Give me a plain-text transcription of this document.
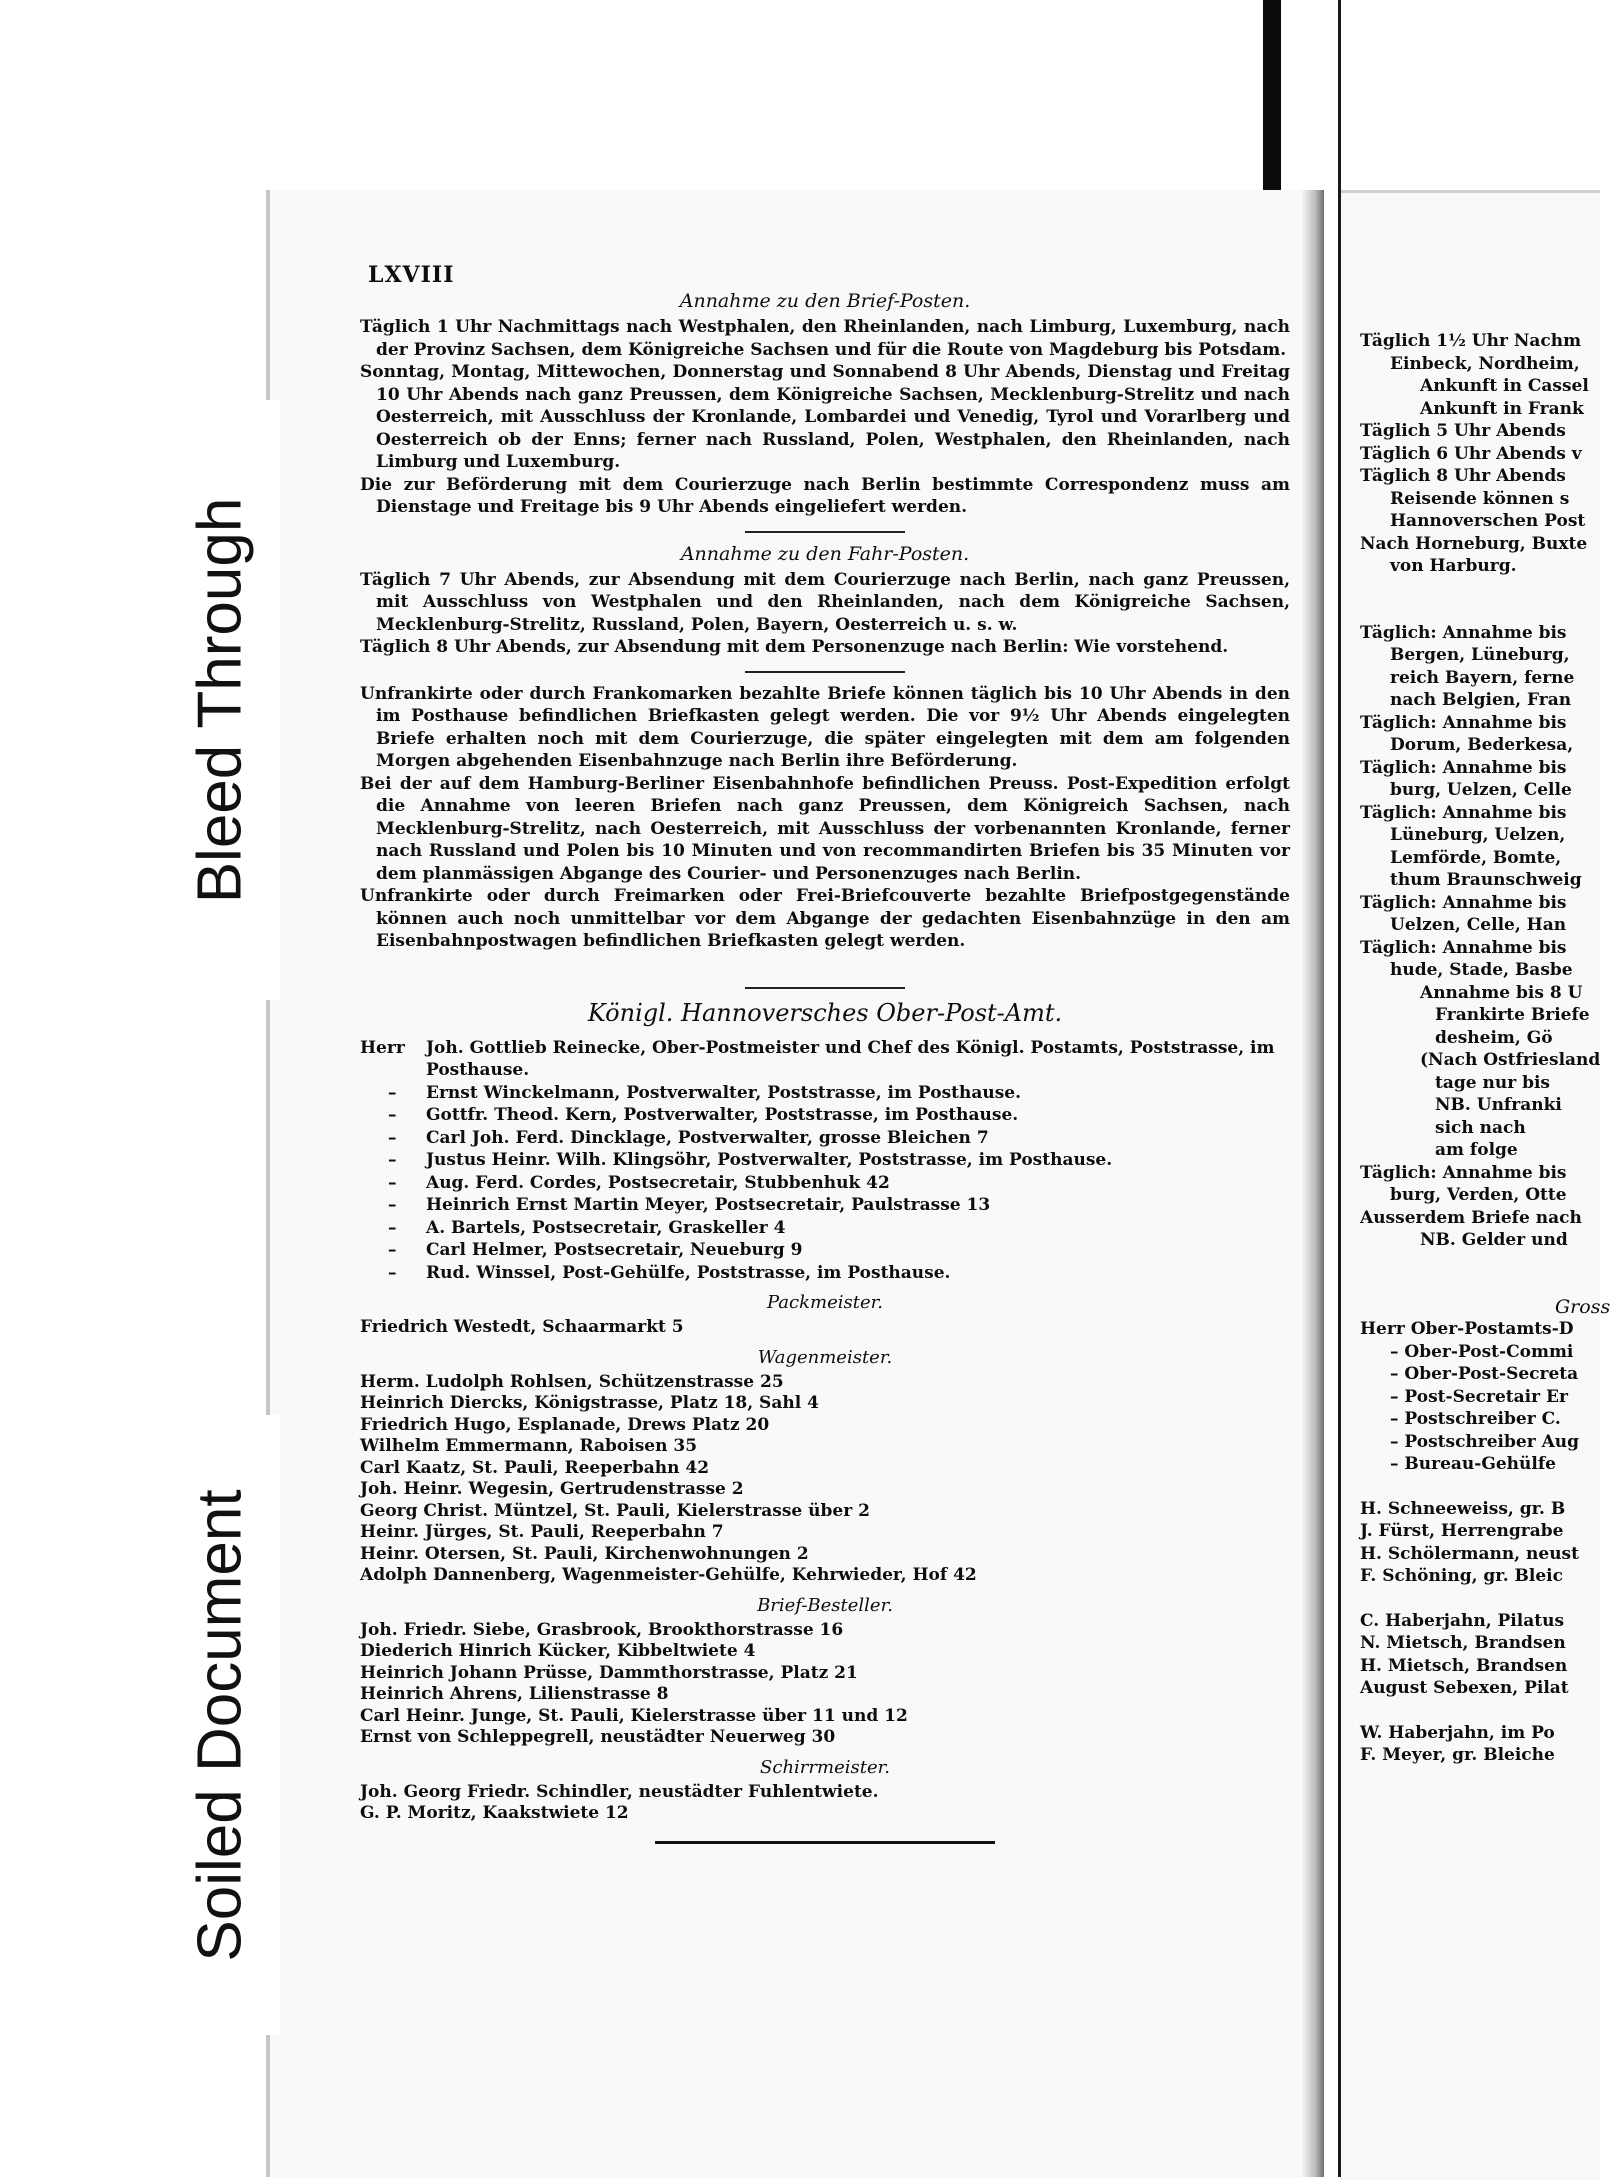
Bleed Through
Soiled Document
LXVIII
Annahme zu den Brief-Posten.

Täglich 1 Uhr Nachmittags nach Westphalen, den Rheinlanden, nach Limburg, Luxemburg, nach der Provinz Sachsen, dem Königreiche Sachsen und für die Route von Magdeburg bis Potsdam.

Sonntag, Montag, Mittewochen, Donnerstag und Sonnabend 8 Uhr Abends, Dienstag und Freitag 10 Uhr Abends nach ganz Preussen, dem Königreiche Sachsen, Mecklenburg-Strelitz und nach Oesterreich, mit Ausschluss der Kronlande, Lombardei und Venedig, Tyrol und Vorarlberg und Oesterreich ob der Enns; ferner nach Russland, Polen, Westphalen, den Rheinlanden, nach Limburg und Luxemburg.

Die zur Beförderung mit dem Courierzuge nach Berlin bestimmte Correspondenz muss am Dienstage und Freitage bis 9 Uhr Abends eingeliefert werden.

Annahme zu den Fahr-Posten.

Täglich 7 Uhr Abends, zur Absendung mit dem Courierzuge nach Berlin, nach ganz Preussen, mit Ausschluss von Westphalen und den Rheinlanden, nach dem Königreiche Sachsen, Mecklenburg-Strelitz, Russland, Polen, Bayern, Oesterreich u. s. w.

Täglich 8 Uhr Abends, zur Absendung mit dem Personenzuge nach Berlin: Wie vorstehend.

Unfrankirte oder durch Frankomarken bezahlte Briefe können täglich bis 10 Uhr Abends in den im Posthause befindlichen Briefkasten gelegt werden. Die vor 9½ Uhr Abends eingelegten Briefe erhalten noch mit dem Courierzuge, die später eingelegten mit dem am folgenden Morgen abgehenden Eisenbahnzuge nach Berlin ihre Beförderung.

Bei der auf dem Hamburg-Berliner Eisenbahnhofe befindlichen Preuss. Post-Expedition erfolgt die Annahme von leeren Briefen nach ganz Preussen, dem Königreich Sachsen, nach Mecklenburg-Strelitz, nach Oesterreich, mit Ausschluss der vorbenannten Kronlande, ferner nach Russland und Polen bis 10 Minuten und von recommandirten Briefen bis 35 Minuten vor dem planmässigen Abgange des Courier- und Personenzuges nach Berlin.

Unfrankirte oder durch Freimarken oder Frei-Briefcouverte bezahlte Briefpostgegenstände können auch noch unmittelbar vor dem Abgange der gedachten Eisenbahnzüge in den am Eisenbahnpostwagen befindlichen Briefkasten gelegt werden.

Königl. Hannoversches Ober-Post-Amt.
Herr	Joh. Gottlieb Reinecke, Ober-Postmeister und Chef des Königl. Postamts, Poststrasse, im Posthause.
–	Ernst Winckelmann, Postverwalter, Poststrasse, im Posthause.
–	Gottfr. Theod. Kern, Postverwalter, Poststrasse, im Posthause.
–	Carl Joh. Ferd. Dincklage, Postverwalter, grosse Bleichen 7
–	Justus Heinr. Wilh. Klingsöhr, Postverwalter, Poststrasse, im Posthause.
–	Aug. Ferd. Cordes, Postsecretair, Stubbenhuk 42
–	Heinrich Ernst Martin Meyer, Postsecretair, Paulstrasse 13
–	A. Bartels, Postsecretair, Graskeller 4
–	Carl Helmer, Postsecretair, Neueburg 9
–	Rud. Winssel, Post-Gehülfe, Poststrasse, im Posthause.
Packmeister.
Friedrich Westedt, Schaarmarkt 5
Wagenmeister.
Herm. Ludolph Rohlsen, Schützenstrasse 25
Heinrich Diercks, Königstrasse, Platz 18, Sahl 4
Friedrich Hugo, Esplanade, Drews Platz 20
Wilhelm Emmermann, Raboisen 35
Carl Kaatz, St. Pauli, Reeperbahn 42
Joh. Heinr. Wegesin, Gertrudenstrasse 2
Georg Christ. Müntzel, St. Pauli, Kielerstrasse über 2
Heinr. Jürges, St. Pauli, Reeperbahn 7
Heinr. Otersen, St. Pauli, Kirchenwohnungen 2
Adolph Dannenberg, Wagenmeister-Gehülfe, Kehrwieder, Hof 42
Brief-Besteller.
Joh. Friedr. Siebe, Grasbrook, Brookthorstrasse 16
Diederich Hinrich Kücker, Kibbeltwiete 4
Heinrich Johann Prüsse, Dammthorstrasse, Platz 21
Heinrich Ahrens, Lilienstrasse 8
Carl Heinr. Junge, St. Pauli, Kielerstrasse über 11 und 12
Ernst von Schleppegrell, neustädter Neuerweg 30
Schirrmeister.
Joh. Georg Friedr. Schindler, neustädter Fuhlentwiete.
G. P. Moritz, Kaakstwiete 12
Täglich 1½ Uhr Nachm
Einbeck, Nordheim,
Ankunft in Cassel
Ankunft in Frank
Täglich 5 Uhr Abends
Täglich 6 Uhr Abends v
Täglich 8 Uhr Abends
Reisende können s
Hannoverschen Post
Nach Horneburg, Buxte
von Harburg.
Täglich: Annahme bis
Bergen, Lüneburg,
reich Bayern, ferne
nach Belgien, Fran
Täglich: Annahme bis
Dorum, Bederkesa,
Täglich: Annahme bis
burg, Uelzen, Celle
Täglich: Annahme bis
Lüneburg, Uelzen,
Lemförde, Bomte,
thum Braunschweig
Täglich: Annahme bis
Uelzen, Celle, Han
Täglich: Annahme bis
hude, Stade, Basbe
Annahme bis 8 U
Frankirte Briefe
desheim, Gö
(Nach Ostfriesland
tage nur bis
NB. Unfranki
sich nach
am folge
Täglich: Annahme bis
burg, Verden, Otte
Ausserdem Briefe nach
NB. Gelder und
Gross
Herr Ober-Postamts-D
– Ober-Post-Commi
– Ober-Post-Secreta
– Post-Secretair Er
– Postschreiber C.
– Postschreiber Aug
– Bureau-Gehülfe
H. Schneeweiss, gr. B
J. Fürst, Herrengrabe
H. Schölermann, neust
F. Schöning, gr. Bleic
C. Haberjahn, Pilatus
N. Mietsch, Brandsen
H. Mietsch, Brandsen
August Sebexen, Pilat
W. Haberjahn, im Po
F. Meyer, gr. Bleiche
